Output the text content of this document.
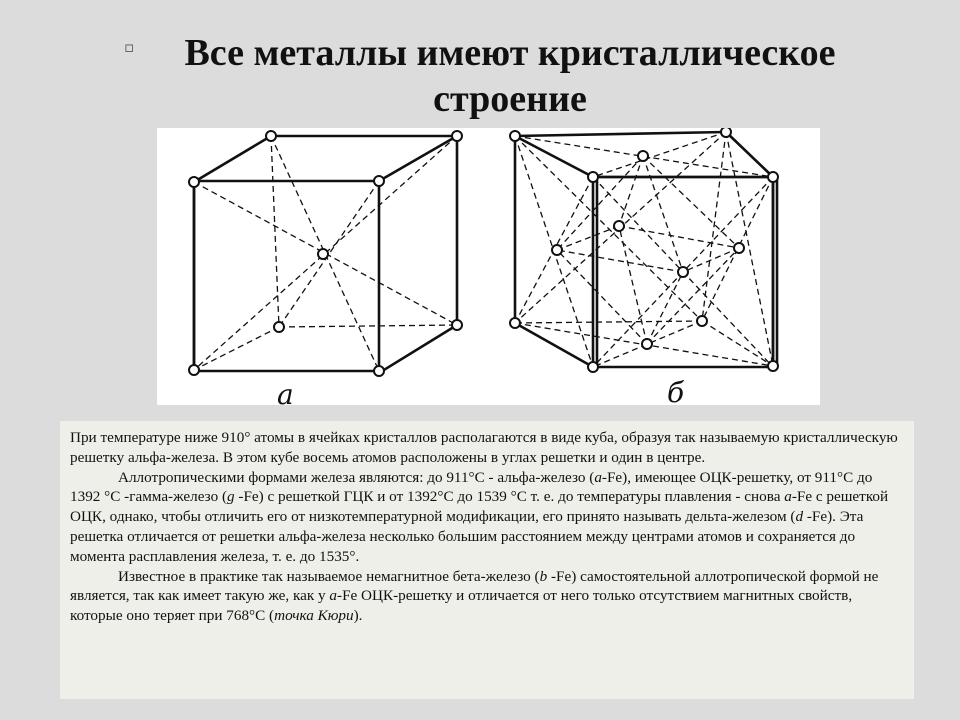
▫	Все металлы имеют кристаллическое строение
а	б

При температуре ниже 910° атомы в ячейках кристаллов располагаются в виде куба, образуя так называемую кристаллическую решетку альфа-железа. В этом кубе восемь атомов расположены в углах решетки и один в центре.

Аллотропическими формами железа являются: до 911°С - альфа-железо (a-Fe), имеющее ОЦК-решетку, от 911°С до 1392 °С -гамма-железо (g -Fe) с решеткой ГЦК и от 1392°С до 1539 °С т. е. до температуры плавления - снова a-Fe с решеткой ОЦК, однако, чтобы отличить его от низкотемпературной модификации, его принято называть дельта-железом (d -Fe). Эта решетка отличается от решетки альфа-железа несколько большим расстоянием между центрами атомов и сохраняется до момента расплавления железа, т. е. до 1535°.

Известное в практике так называемое немагнитное бета-железо (b -Fe) самостоятельной аллотропической формой не является, так как имеет такую же, как у a-Fe ОЦК-решетку и отличается от него только отсутствием магнитных свойств, которые оно теряет при 768°С (точка Кюри).
